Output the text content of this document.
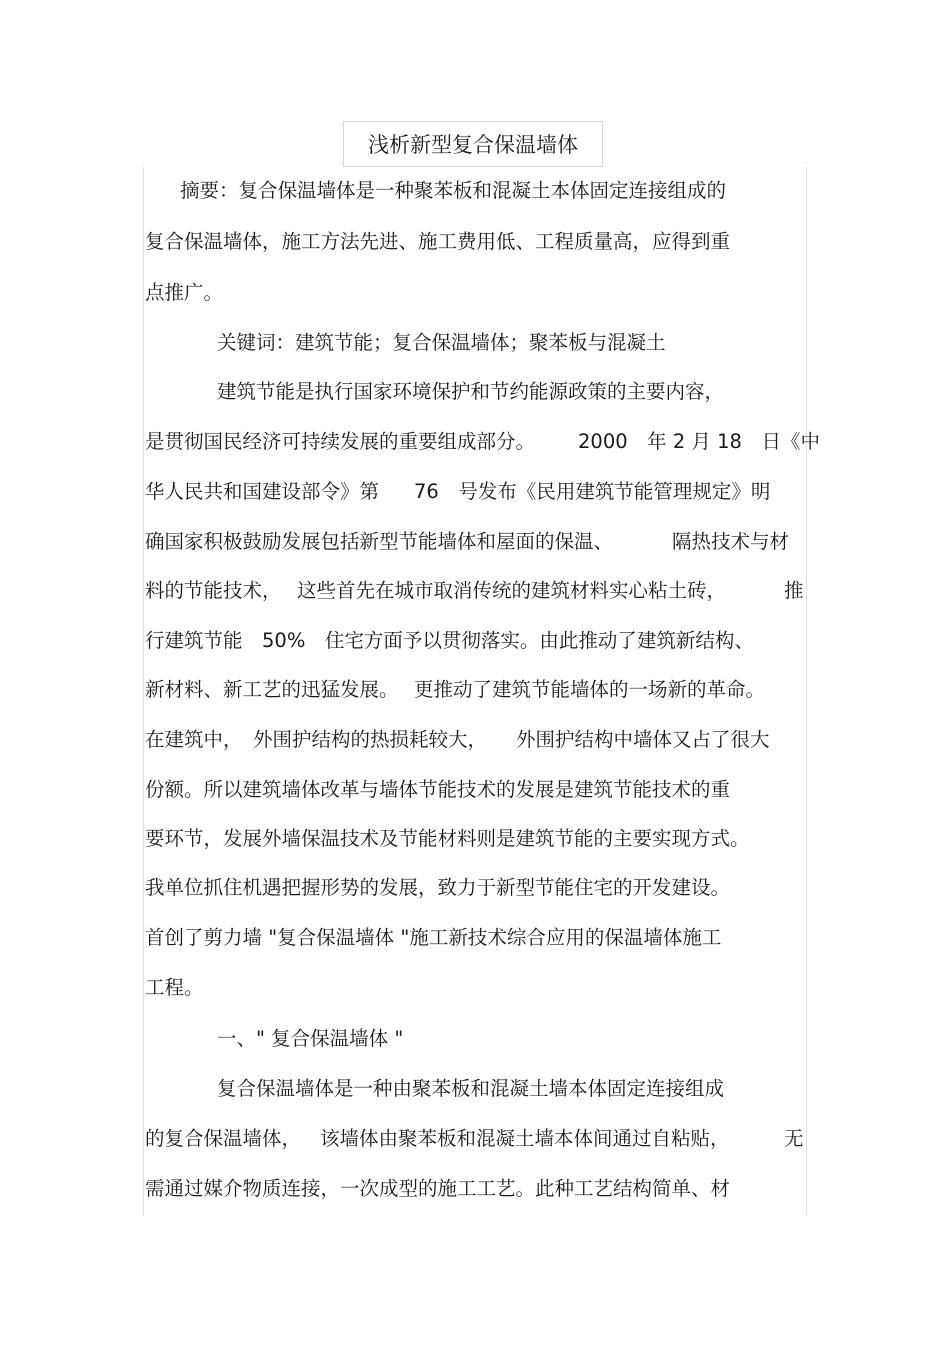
浅析新型复合保温墙体
摘要：复合保温墙体是一种聚苯板和混凝土本体固定连接组成的
复合保温墙体，施工方法先进、施工费用低、工程质量高，应得到重
点推广。
关键词：建筑节能；复合保温墙体；聚苯板与混凝土
建筑节能是执行国家环境保护和节约能源政策的主要内容，
是贯彻国民经济可持续发展的重要组成部分。 2000　年 2 月 18　日《中
华人民共和国建设部令》第 76　号发布《民用建筑节能管理规定》明
确国家积极鼓励发展包括新型节能墙体和屋面的保温、	隔热技术与材
料的节能技术， 这些首先在城市取消传统的建筑材料实心粘土砖，	推
行建筑节能　50%　住宅方面予以贯彻落实。由此推动了建筑新结构、
新材料、新工艺的迅猛发展。 更推动了建筑节能墙体的一场新的革命。
在建筑中， 外围护结构的热损耗较大， 外围护结构中墙体又占了很大
份额。所以建筑墙体改革与墙体节能技术的发展是建筑节能技术的重
要环节，发展外墙保温技术及节能材料则是建筑节能的主要实现方式。
我单位抓住机遇把握形势的发展，致力于新型节能住宅的开发建设。
首创了剪力墙 "复合保温墙体 "施工新技术综合应用的保温墙体施工
工程。
一、" 复合保温墙体 "
复合保温墙体是一种由聚苯板和混凝土墙本体固定连接组成
的复合保温墙体， 该墙体由聚苯板和混凝土墙本体间通过自粘贴，	无
需通过媒介物质连接，一次成型的施工工艺。此种工艺结构简单、材
